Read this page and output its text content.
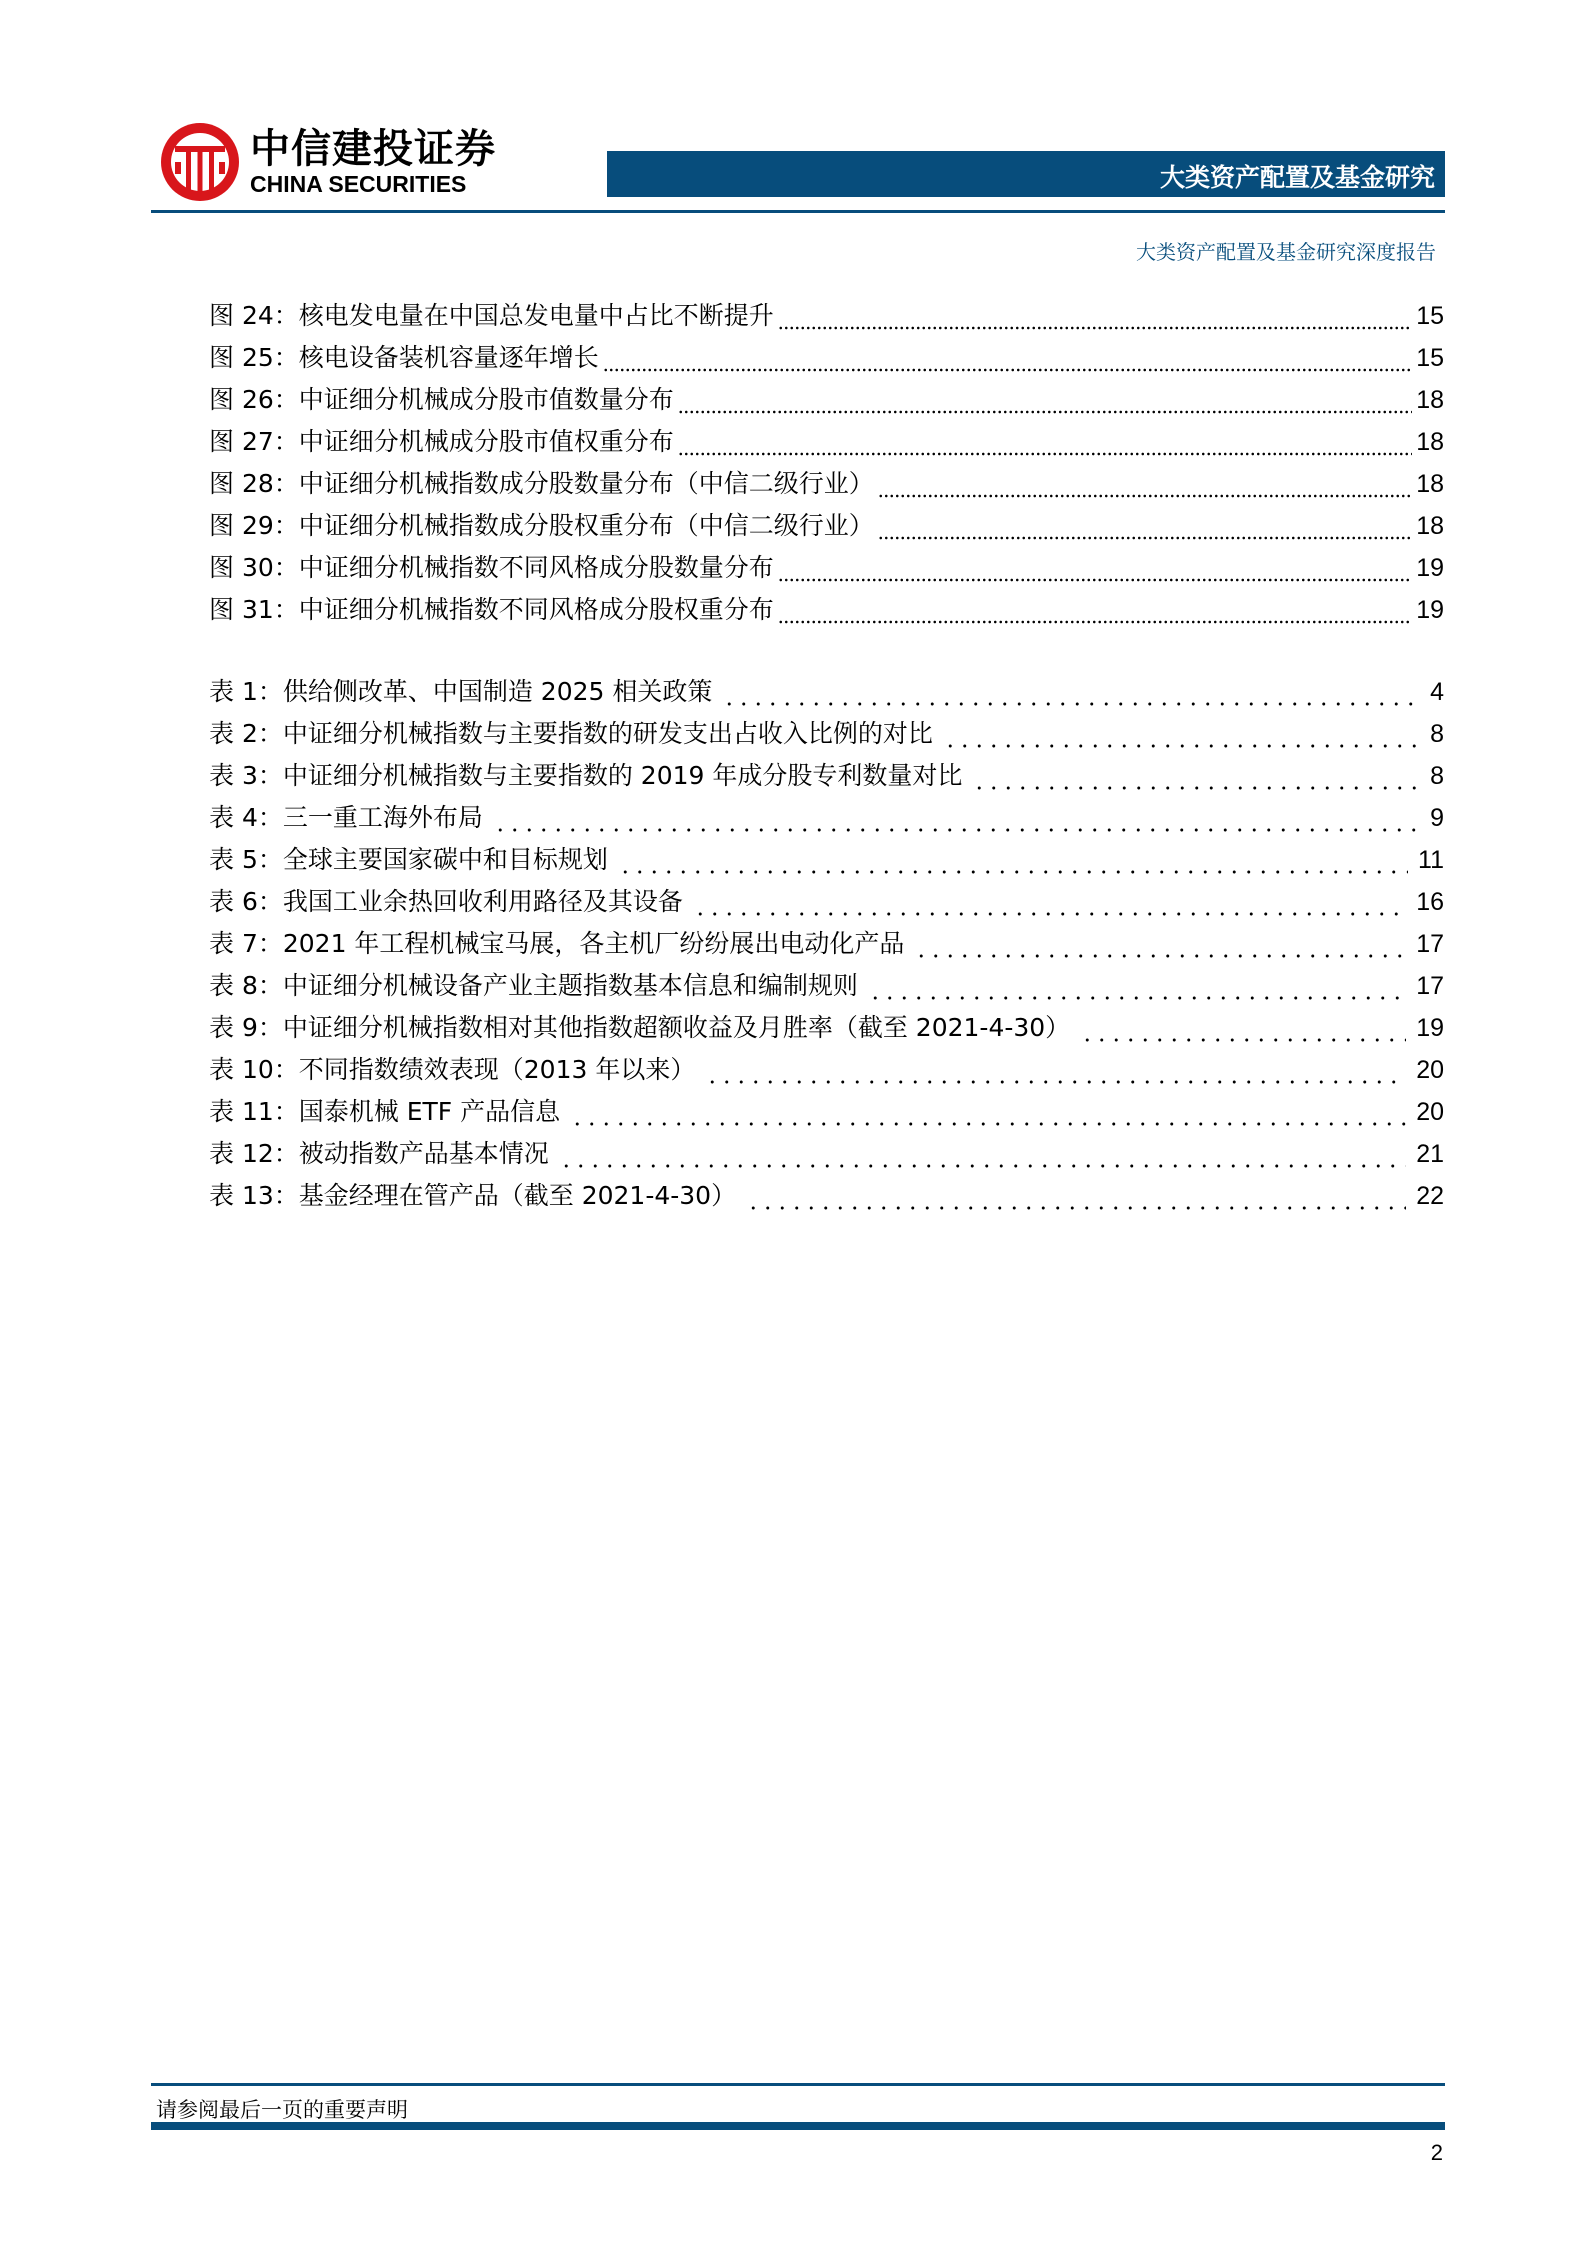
中信建投证券
CHINA SECURITIES	大类资产配置及基金研究
大类资产配置及基金研究深度报告
图 24：核电发电量在中国总发电量中占比不断提升	15
图 25：核电设备装机容量逐年增长	15
图 26：中证细分机械成分股市值数量分布	18
图 27：中证细分机械成分股市值权重分布	18
图 28：中证细分机械指数成分股数量分布（中信二级行业）	18
图 29：中证细分机械指数成分股权重分布（中信二级行业）	18
图 30：中证细分机械指数不同风格成分股数量分布	19
图 31：中证细分机械指数不同风格成分股权重分布	19
表 1：供给侧改革、中国制造 2025 相关政策	4
表 2：中证细分机械指数与主要指数的研发支出占收入比例的对比	8
表 3：中证细分机械指数与主要指数的 2019 年成分股专利数量对比	8
表 4：三一重工海外布局	9
表 5：全球主要国家碳中和目标规划	11
表 6：我国工业余热回收利用路径及其设备	16
表 7：2021 年工程机械宝马展，各主机厂纷纷展出电动化产品	17
表 8：中证细分机械设备产业主题指数基本信息和编制规则	17
表 9：中证细分机械指数相对其他指数超额收益及月胜率（截至 2021-4-30）	19
表 10：不同指数绩效表现（2013 年以来）	20
表 11：国泰机械 ETF 产品信息	20
表 12：被动指数产品基本情况	21
表 13：基金经理在管产品（截至 2021-4-30）	22
请参阅最后一页的重要声明
2
